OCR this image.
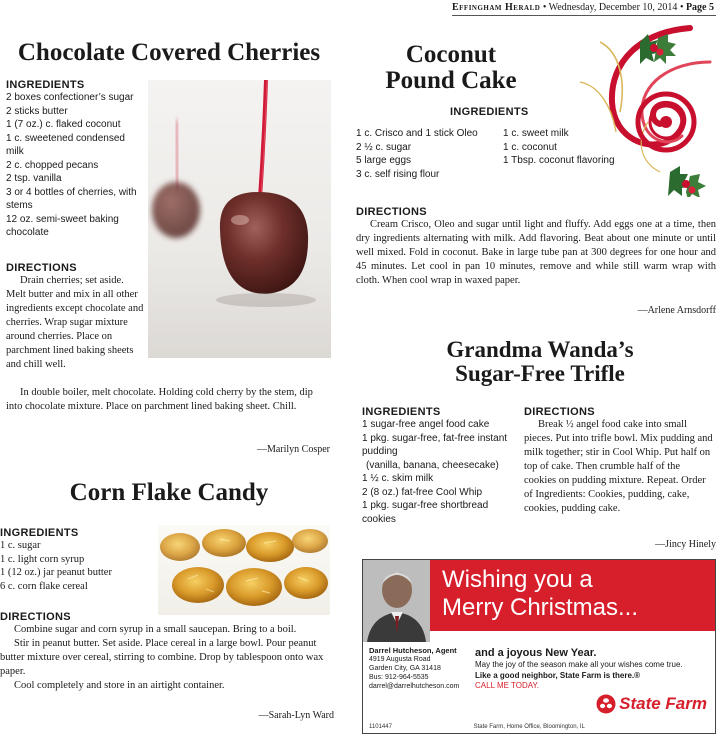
Effingham Herald • Wednesday, December 10, 2014 • Page 5
Chocolate Covered Cherries
INGREDIENTS
2 boxes confectioner’s sugar
2 sticks butter
1 (7 oz.) c. flaked coconut
1 c. sweetened condensed milk
2 c. chopped pecans
2 tsp. vanilla
3 or 4 bottles of cherries, with stems
12 oz. semi-sweet baking chocolate
DIRECTIONS

Drain cherries; set aside. Melt butter and mix in all other ingredients except chocolate and cherries. Wrap sugar mixture around cherries. Place on parchment lined baking sheets and chill well.

In double boiler, melt chocolate. Holding cold cherry by the stem, dip into chocolate mixture. Place on parchment lined baking sheet. Chill.

—Marilyn Cosper
Corn Flake Candy
INGREDIENTS
1 c. sugar
1 c. light corn syrup
1 (12 oz.) jar peanut butter
6 c. corn flake cereal
DIRECTIONS

Combine sugar and corn syrup in a small saucepan. Bring to a boil.

Stir in peanut butter. Set aside. Place cereal in a large bowl. Pour peanut butter mixture over cereal, stirring to combine. Drop by tablespoon onto wax paper.

Cool completely and store in an airtight container.

—Sarah-Lyn Ward
Coconut
Pound Cake
INGREDIENTS
1 c. Crisco and 1 stick Oleo
2 ½ c. sugar
5 large eggs
3 c. self rising flour
1 c. sweet milk
1 c. coconut
1 Tbsp. coconut flavoring
DIRECTIONS

Cream Crisco, Oleo and sugar until light and fluffy. Add eggs one at a time, then dry ingredients alternating with milk. Add flavoring. Beat about one minute or until well mixed. Fold in coconut. Bake in large tube pan at 300 degrees for one hour and 45 minutes. Let cool in pan 10 minutes, remove and while still warm wrap with cloth. When cool wrap in waxed paper.

—Arlene Arnsdorff
Grandma Wanda’s
Sugar-Free Trifle
INGREDIENTS
1 sugar-free angel food cake
1 pkg. sugar-free, fat-free instant pudding
(vanilla, banana, cheesecake)
1 ½ c. skim milk
2 (8 oz.) fat-free Cool Whip
1 pkg. sugar-free shortbread cookies
DIRECTIONS

Break ½ angel food cake into small pieces. Put into trifle bowl. Mix pudding and milk together; stir in Cool Whip. Put half on top of cake. Then crumble half of the cookies on pudding mixture. Repeat. Order of Ingredients: Cookies, pudding, cake, cookies, pudding cake.

—Jincy Hinely
Wishing you a
Merry Christmas...
Darrel Hutcheson, Agent
4919 Augusta Road
Garden City, GA 31418
Bus: 912-964-5535
darrel@darrelhutcheson.com
and a joyous New Year.
May the joy of the season make all your wishes come true.
Like a good neighbor, State Farm is there.®
CALL ME TODAY.
State Farm
1101447	State Farm, Home Office, Bloomington, IL
